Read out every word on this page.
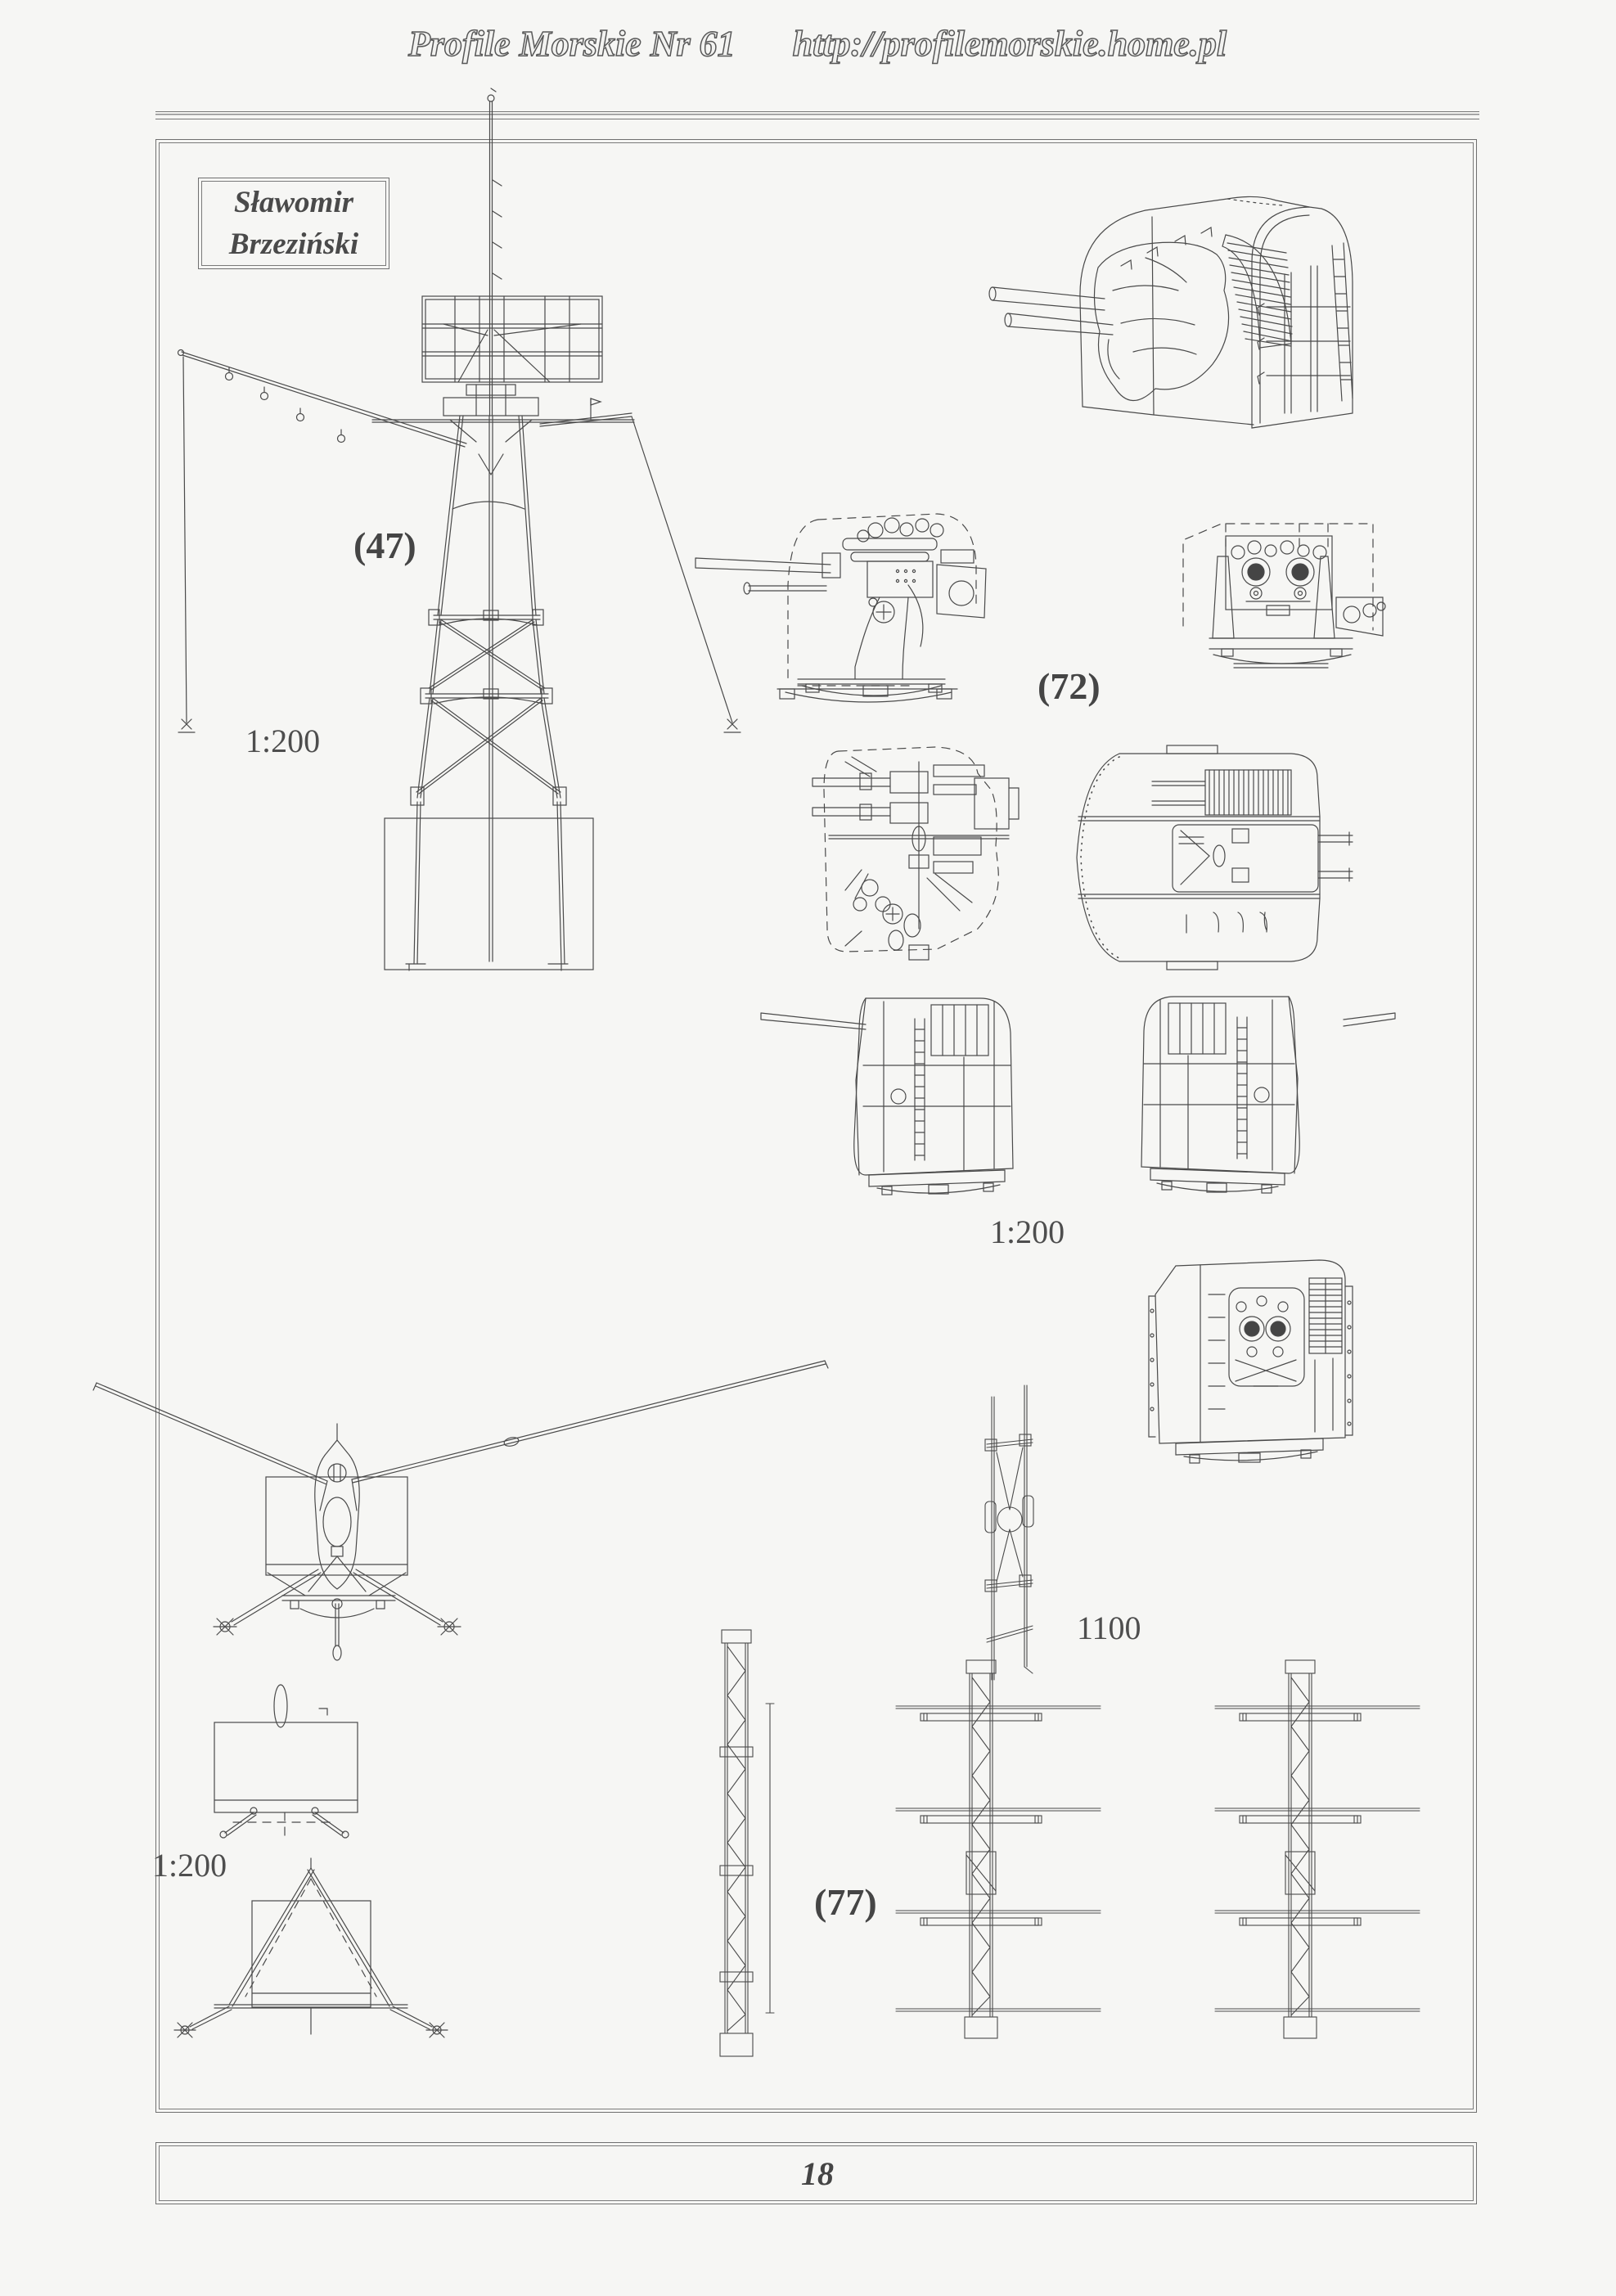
Profile Morskie Nr 61 http://profilemorskie.home.pl
Sławomir
Brzeziński
(47)
1:200
(72)
1:200
1100
1:200
(77)
18
